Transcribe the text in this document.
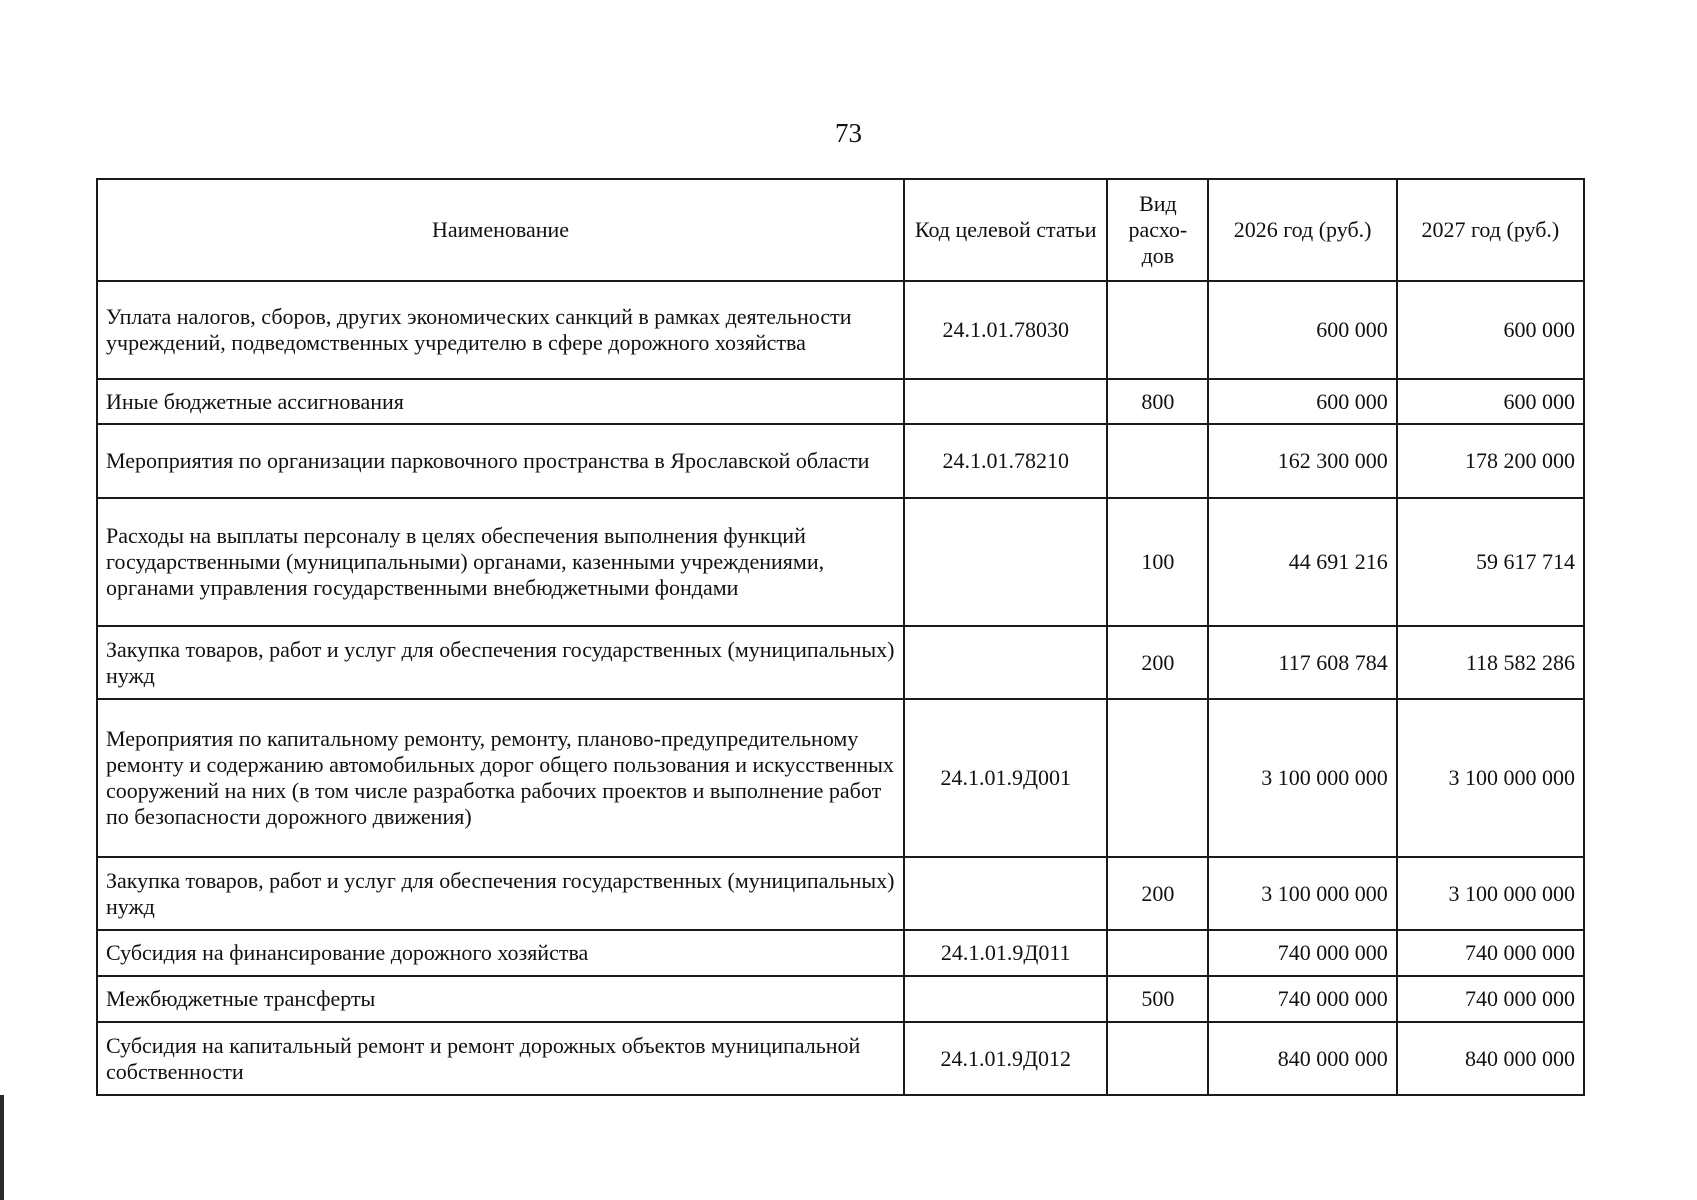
73
Наименование	Код целевой статьи	Вид расхо-дов	2026 год (руб.)	2027 год (руб.)
Уплата налогов, сборов, других экономических санкций в рамках деятельности учреждений, подведомственных учредителю в сфере дорожного хозяйства	24.1.01.78030		600 000	600 000
Иные бюджетные ассигнования		800	600 000	600 000
Мероприятия по организации парковочного пространства в Ярославской области	24.1.01.78210		162 300 000	178 200 000
Расходы на выплаты персоналу в целях обеспечения выполнения функций государственными (муниципальными) органами, казенными учреждениями, органами управления государственными внебюджетными фондами		100	44 691 216	59 617 714
Закупка товаров, работ и услуг для обеспечения государственных (муниципальных) нужд		200	117 608 784	118 582 286
Мероприятия по капитальному ремонту, ремонту, планово-предупредительному ремонту и содержанию автомобильных дорог общего пользования и искусственных сооружений на них (в том числе разработка рабочих проектов и выполнение работ по безопасности дорожного движения)	24.1.01.9Д001		3 100 000 000	3 100 000 000
Закупка товаров, работ и услуг для обеспечения государственных (муниципальных) нужд		200	3 100 000 000	3 100 000 000
Субсидия на финансирование дорожного хозяйства	24.1.01.9Д011		740 000 000	740 000 000
Межбюджетные трансферты		500	740 000 000	740 000 000
Субсидия на капитальный ремонт и ремонт дорожных объектов муниципальной собственности	24.1.01.9Д012		840 000 000	840 000 000
